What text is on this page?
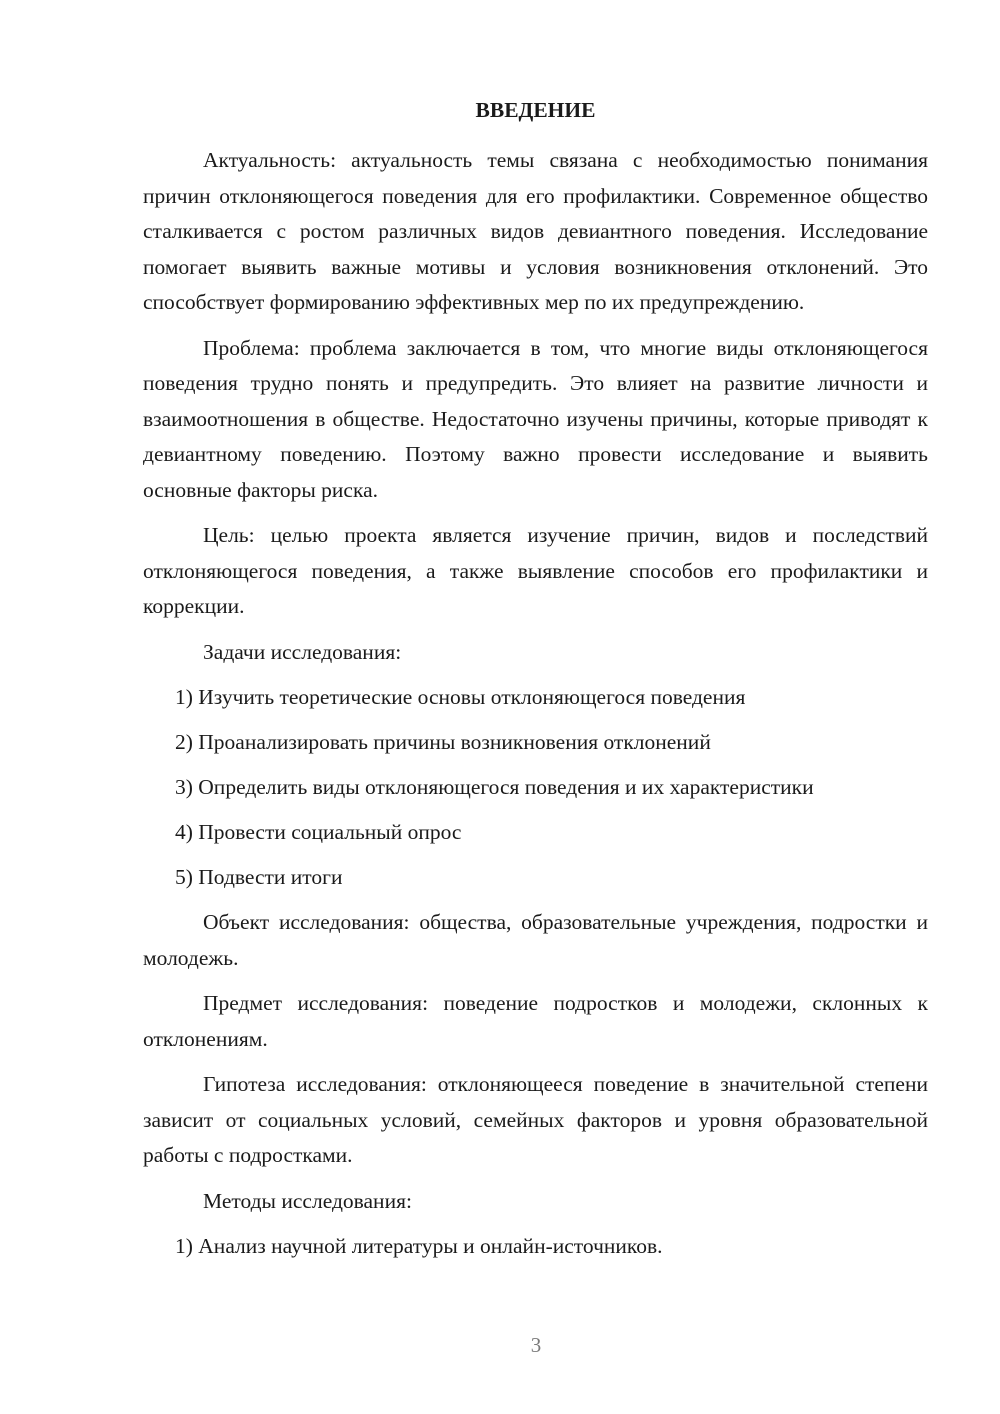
ВВЕДЕНИЕ

Актуальность: актуальность темы связана с необходимостью понимания причин отклоняющегося поведения для его профилактики. Современное общество сталкивается с ростом различных видов девиантного поведения. Исследование помогает выявить важные мотивы и условия возникновения отклонений. Это способствует формированию эффективных мер по их предупреждению.

Проблема: проблема заключается в том, что многие виды отклоняющегося поведения трудно понять и предупредить. Это влияет на развитие личности и взаимоотношения в обществе. Недостаточно изучены причины, которые приводят к девиантному поведению. Поэтому важно провести исследование и выявить основные факторы риска.

Цель: целью проекта является изучение причин, видов и последствий отклоняющегося поведения, а также выявление способов его профилактики и коррекции.

Задачи исследования:

1) Изучить теоретические основы отклоняющегося поведения
2) Проанализировать причины возникновения отклонений
3) Определить виды отклоняющегося поведения и их характеристики
4) Провести социальный опрос
5) Подвести итоги

Объект исследования: общества, образовательные учреждения, подростки и молодежь.

Предмет исследования: поведение подростков и молодежи, склонных к отклонениям.

Гипотеза исследования: отклоняющееся поведение в значительной степени зависит от социальных условий, семейных факторов и уровня образовательной работы с подростками.

Методы исследования:

1) Анализ научной литературы и онлайн-источников.
3
